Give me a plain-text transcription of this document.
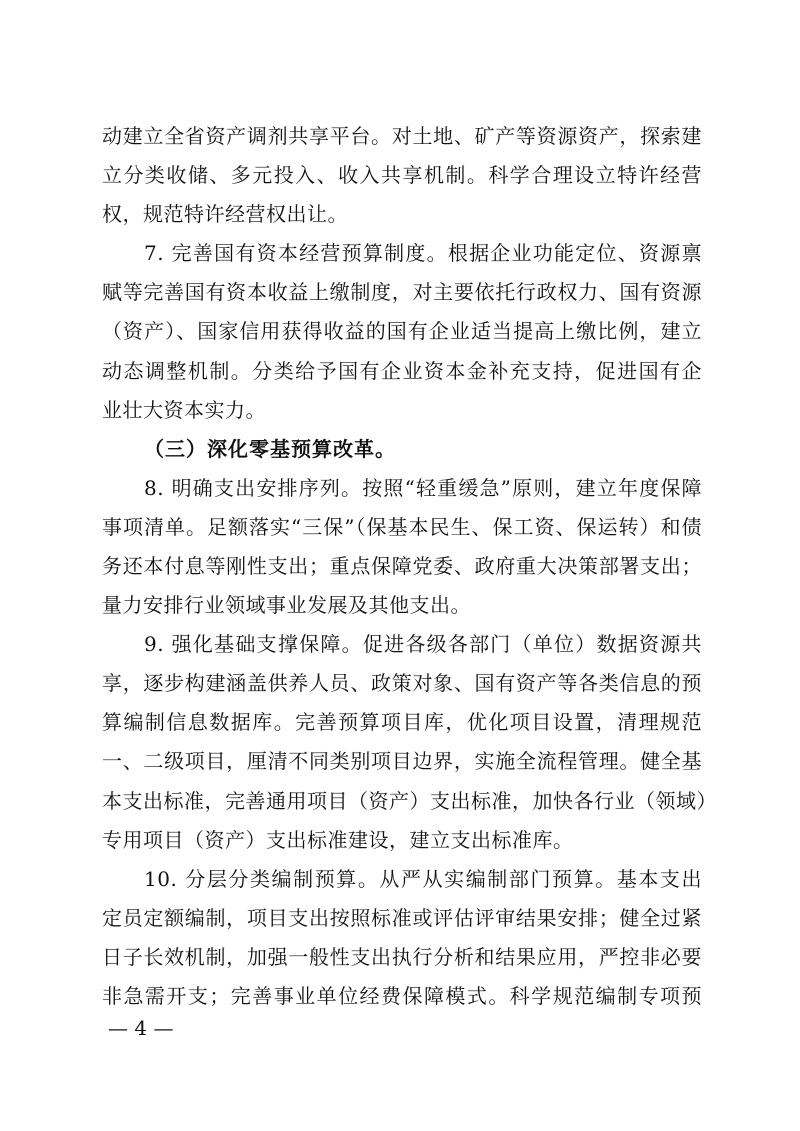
动建立全省资产调剂共享平台。对土地、矿产等资源资产，探索建
立分类收储、多元投入、收入共享机制。科学合理设立特许经营
权，规范特许经营权出让。
7. 完善国有资本经营预算制度。根据企业功能定位、资源禀
赋等完善国有资本收益上缴制度，对主要依托行政权力、国有资源
（资产）、国家信用获得收益的国有企业适当提高上缴比例，建立
动态调整机制。分类给予国有企业资本金补充支持，促进国有企
业壮大资本实力。
（三）深化零基预算改革。
8. 明确支出安排序列。按照“轻重缓急”原则，建立年度保障
事项清单。足额落实“三保”（保基本民生、保工资、保运转）和债
务还本付息等刚性支出；重点保障党委、政府重大决策部署支出；
量力安排行业领域事业发展及其他支出。
9. 强化基础支撑保障。促进各级各部门（单位）数据资源共
享，逐步构建涵盖供养人员、政策对象、国有资产等各类信息的预
算编制信息数据库。完善预算项目库，优化项目设置，清理规范
一、二级项目，厘清不同类别项目边界，实施全流程管理。健全基
本支出标准，完善通用项目（资产）支出标准，加快各行业（领域）
专用项目（资产）支出标准建设，建立支出标准库。
10. 分层分类编制预算。从严从实编制部门预算。基本支出
定员定额编制，项目支出按照标准或评估评审结果安排；健全过紧
日子长效机制，加强一般性支出执行分析和结果应用，严控非必要
非急需开支；完善事业单位经费保障模式。科学规范编制专项预
— 4 —
